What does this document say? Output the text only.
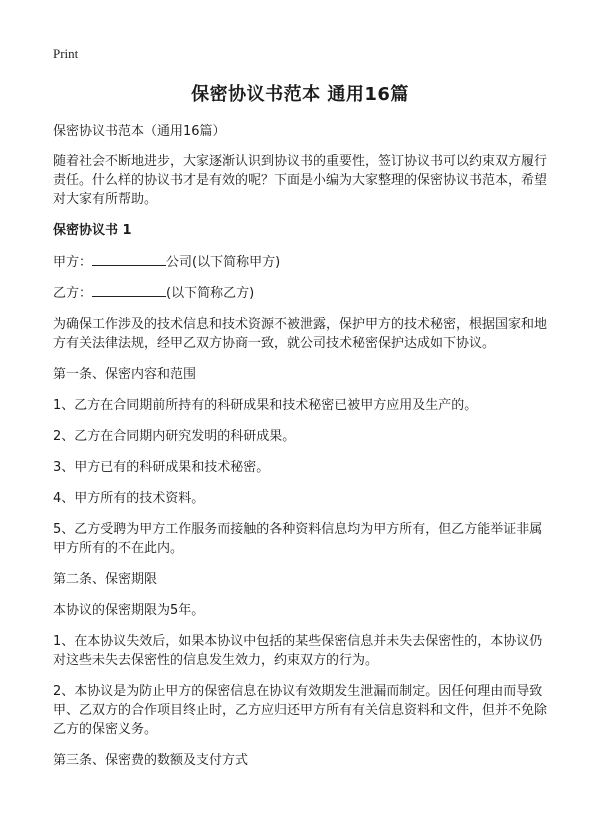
Print
保密协议书范本 通用16篇

保密协议书范本（通用16篇）

随着社会不断地进步，大家逐渐认识到协议书的重要性，签订协议书可以约束双方履行责任。什么样的协议书才是有效的呢？下面是小编为大家整理的保密协议书范本，希望对大家有所帮助。

保密协议书 1

甲方：	公司(以下简称甲方)

乙方：	(以下简称乙方)

为确保工作涉及的技术信息和技术资源不被泄露，保护甲方的技术秘密，根据国家和地方有关法律法规，经甲乙双方协商一致，就公司技术秘密保护达成如下协议。

第一条、保密内容和范围

1、乙方在合同期前所持有的科研成果和技术秘密已被甲方应用及生产的。

2、乙方在合同期内研究发明的科研成果。

3、甲方已有的科研成果和技术秘密。

4、甲方所有的技术资料。

5、乙方受聘为甲方工作服务而接触的各种资料信息均为甲方所有，但乙方能举证非属甲方所有的不在此内。

第二条、保密期限

本协议的保密期限为5年。

1、在本协议失效后，如果本协议中包括的某些保密信息并未失去保密性的，本协议仍对这些未失去保密性的信息发生效力，约束双方的行为。

2、本协议是为防止甲方的保密信息在协议有效期发生泄漏而制定。因任何理由而导致甲、乙双方的合作项目终止时，乙方应归还甲方所有有关信息资料和文件，但并不免除乙方的保密义务。

第三条、保密费的数额及支付方式
